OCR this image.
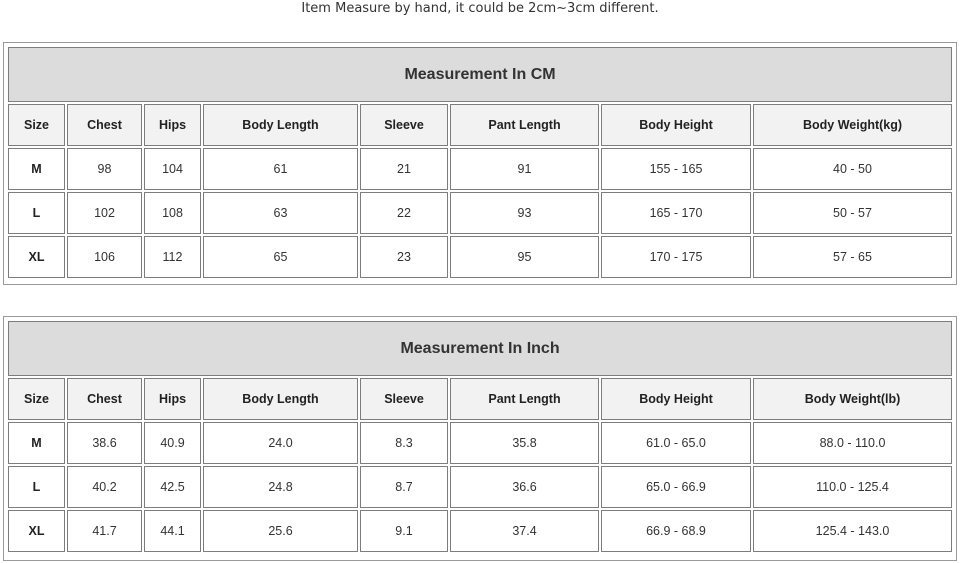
Item Measure by hand, it could be 2cm~3cm different.
Measurement In CM							
Size	Chest	Hips	Body Length	Sleeve	Pant Length	Body Height	Body Weight(kg)
M	98	104	61	21	91	155 - 165	40 - 50
L	102	108	63	22	93	165 - 170	50 - 57
XL	106	112	65	23	95	170 - 175	57 - 65
Measurement In Inch							
Size	Chest	Hips	Body Length	Sleeve	Pant Length	Body Height	Body Weight(lb)
M	38.6	40.9	24.0	8.3	35.8	61.0 - 65.0	88.0 - 110.0
L	40.2	42.5	24.8	8.7	36.6	65.0 - 66.9	110.0 - 125.4
XL	41.7	44.1	25.6	9.1	37.4	66.9 - 68.9	125.4 - 143.0
